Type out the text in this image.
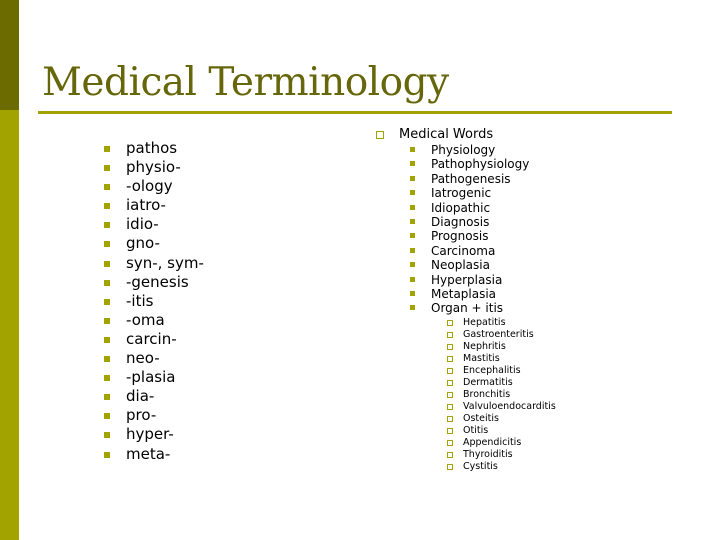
Medical Terminology
pathos
physio-
-ology
iatro-
idio-
gno-
syn-, sym-
-genesis
-itis
-oma
carcin-
neo-
-plasia
dia-
pro-
hyper-
meta-
Medical Words
Physiology
Pathophysiology
Pathogenesis
Iatrogenic
Idiopathic
Diagnosis
Prognosis
Carcinoma
Neoplasia
Hyperplasia
Metaplasia
Organ + itis
Hepatitis
Gastroenteritis
Nephritis
Mastitis
Encephalitis
Dermatitis
Bronchitis
Valvuloendocarditis
Osteitis
Otitis
Appendicitis
Thyroiditis
Cystitis
